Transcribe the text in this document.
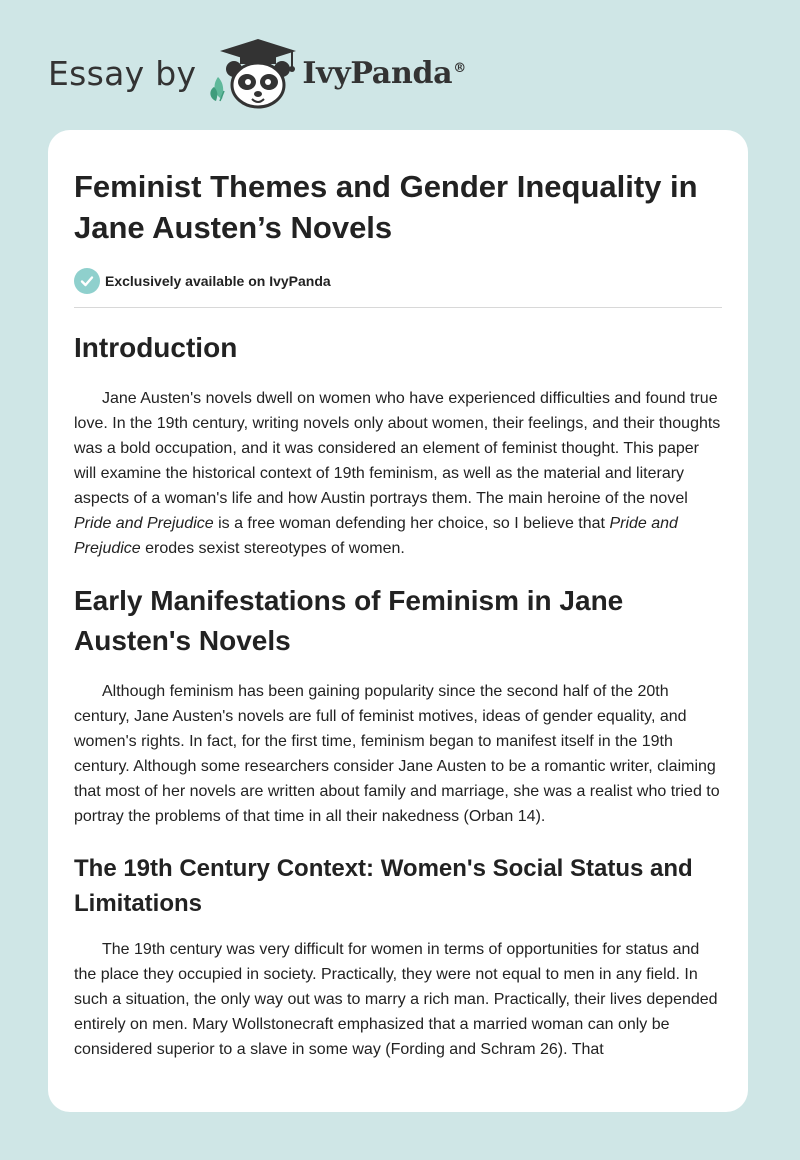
Essay by	IvyPanda®
Feminist Themes and Gender Inequality in Jane Austen’s Novels
Exclusively available on IvyPanda
Introduction

Jane Austen's novels dwell on women who have experienced difficulties and found true love. In the 19th century, writing novels only about women, their feelings, and their thoughts was a bold occupation, and it was considered an element of feminist thought. This paper will examine the historical context of 19th feminism, as well as the material and literary aspects of a woman's life and how Austin portrays them. The main heroine of the novel Pride and Prejudice is a free woman defending her choice, so I believe that Pride and Prejudice erodes sexist stereotypes of women.

Early Manifestations of Feminism in Jane Austen's Novels

Although feminism has been gaining popularity since the second half of the 20th century, Jane Austen's novels are full of feminist motives, ideas of gender equality, and women's rights. In fact, for the first time, feminism began to manifest itself in the 19th century. Although some researchers consider Jane Austen to be a romantic writer, claiming that most of her novels are written about family and marriage, she was a realist who tried to portray the problems of that time in all their nakedness (Orban 14).

The 19th Century Context: Women's Social Status and Limitations

The 19th century was very difficult for women in terms of opportunities for status and the place they occupied in society. Practically, they were not equal to men in any field. In such a situation, the only way out was to marry a rich man. Practically, their lives depended entirely on men. Mary Wollstonecraft emphasized that a married woman can only be considered superior to a slave in some way (Fording and Schram 26). That
